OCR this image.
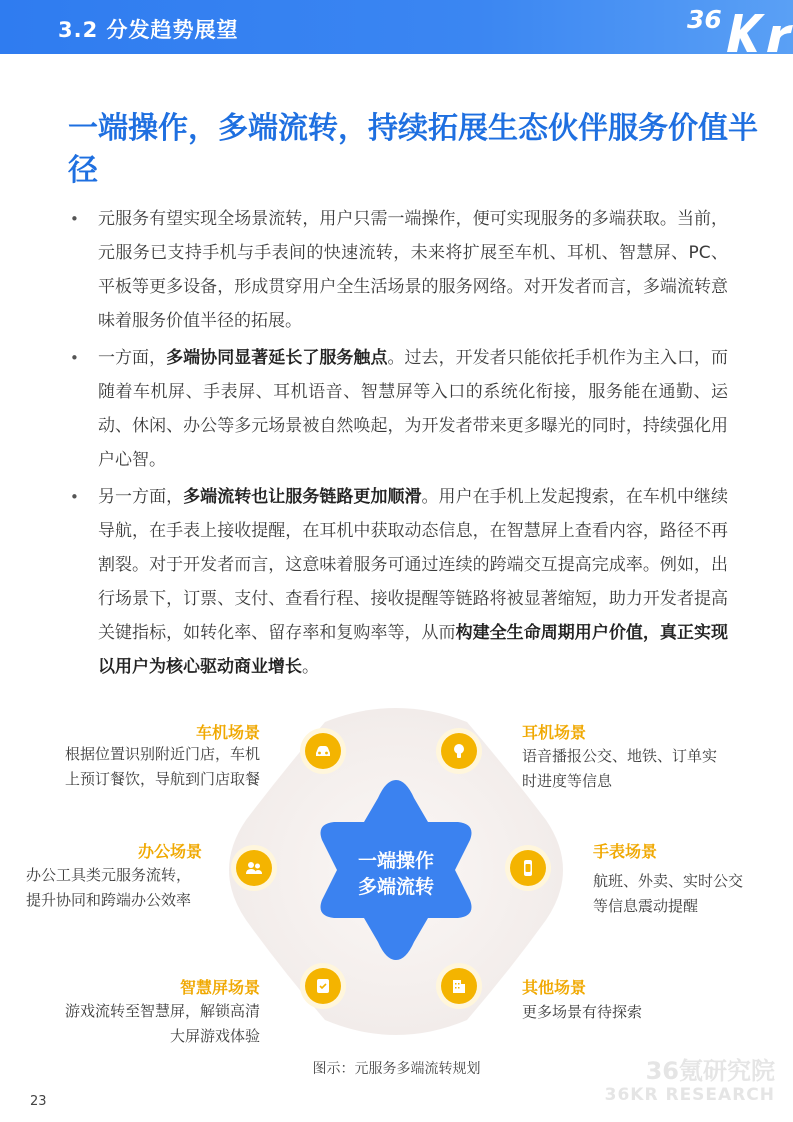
3.2 分发趋势展望	36
一端操作，多端流转，持续拓展生态伙伴服务价值半径
• 元服务有望实现全场景流转，用户只需一端操作，便可实现服务的多端获取。当前，元服务已支持手机与手表间的快速流转，未来将扩展至车机、耳机、智慧屏、PC、平板等更多设备，形成贯穿用户全生活场景的服务网络。对开发者而言，多端流转意味着服务价值半径的拓展。
• 一方面，多端协同显著延长了服务触点。过去，开发者只能依托手机作为主入口，而随着车机屏、手表屏、耳机语音、智慧屏等入口的系统化衔接，服务能在通勤、运动、休闲、办公等多元场景被自然唤起，为开发者带来更多曝光的同时，持续强化用户心智。
• 另一方面，多端流转也让服务链路更加顺滑。用户在手机上发起搜索，在车机中继续导航，在手表上接收提醒，在耳机中获取动态信息，在智慧屏上查看内容，路径不再割裂。对于开发者而言，这意味着服务可通过连续的跨端交互提高完成率。例如，出行场景下，订票、支付、查看行程、接收提醒等链路将被显著缩短，助力开发者提高关键指标，如转化率、留存率和复购率等，从而构建全生命周期用户价值，真正实现以用户为核心驱动商业增长。
一端操作
多端流转
车机场景
根据位置识别附近门店，车机
上预订餐饮，导航到门店取餐
耳机场景
语音播报公交、地铁、订单实
时进度等信息
办公场景
办公工具类元服务流转，
提升协同和跨端办公效率
手表场景
航班、外卖、实时公交
等信息震动提醒
智慧屏场景
游戏流转至智慧屏，解锁高清
大屏游戏体验
其他场景
更多场景有待探索
图示：元服务多端流转规划	36氪研究院
36KR RESEARCH
23
